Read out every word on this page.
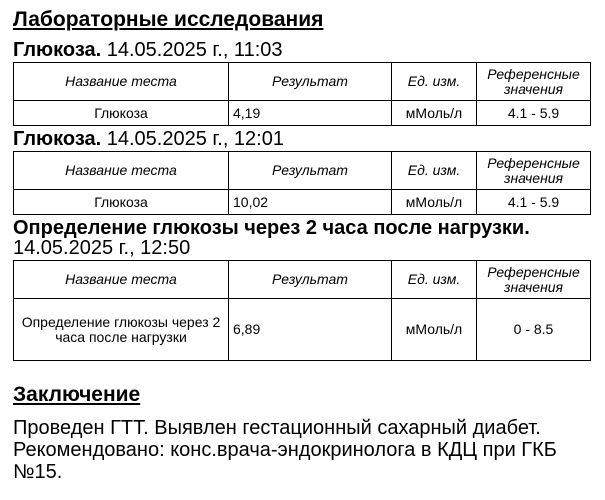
Лабораторные исследования
Глюкоза. 14.05.2025 г., 11:03
Название теста	Результат	Ед. изм.	Референсные значения
Глюкоза	4,19	мМоль/л	4.1 - 5.9
Глюкоза. 14.05.2025 г., 12:01
Название теста	Результат	Ед. изм.	Референсные значения
Глюкоза	10,02	мМоль/л	4.1 - 5.9
Определение глюкозы через 2 часа после нагрузки.
14.05.2025 г., 12:50
Название теста	Результат	Ед. изм.	Референсные значения
Определение глюкозы через 2 часа после нагрузки	6,89	мМоль/л	0 - 8.5
Заключение
Проведен ГТТ. Выявлен гестационный сахарный диабет. Рекомендовано: конс.врача-эндокринолога в КДЦ при ГКБ №15.
